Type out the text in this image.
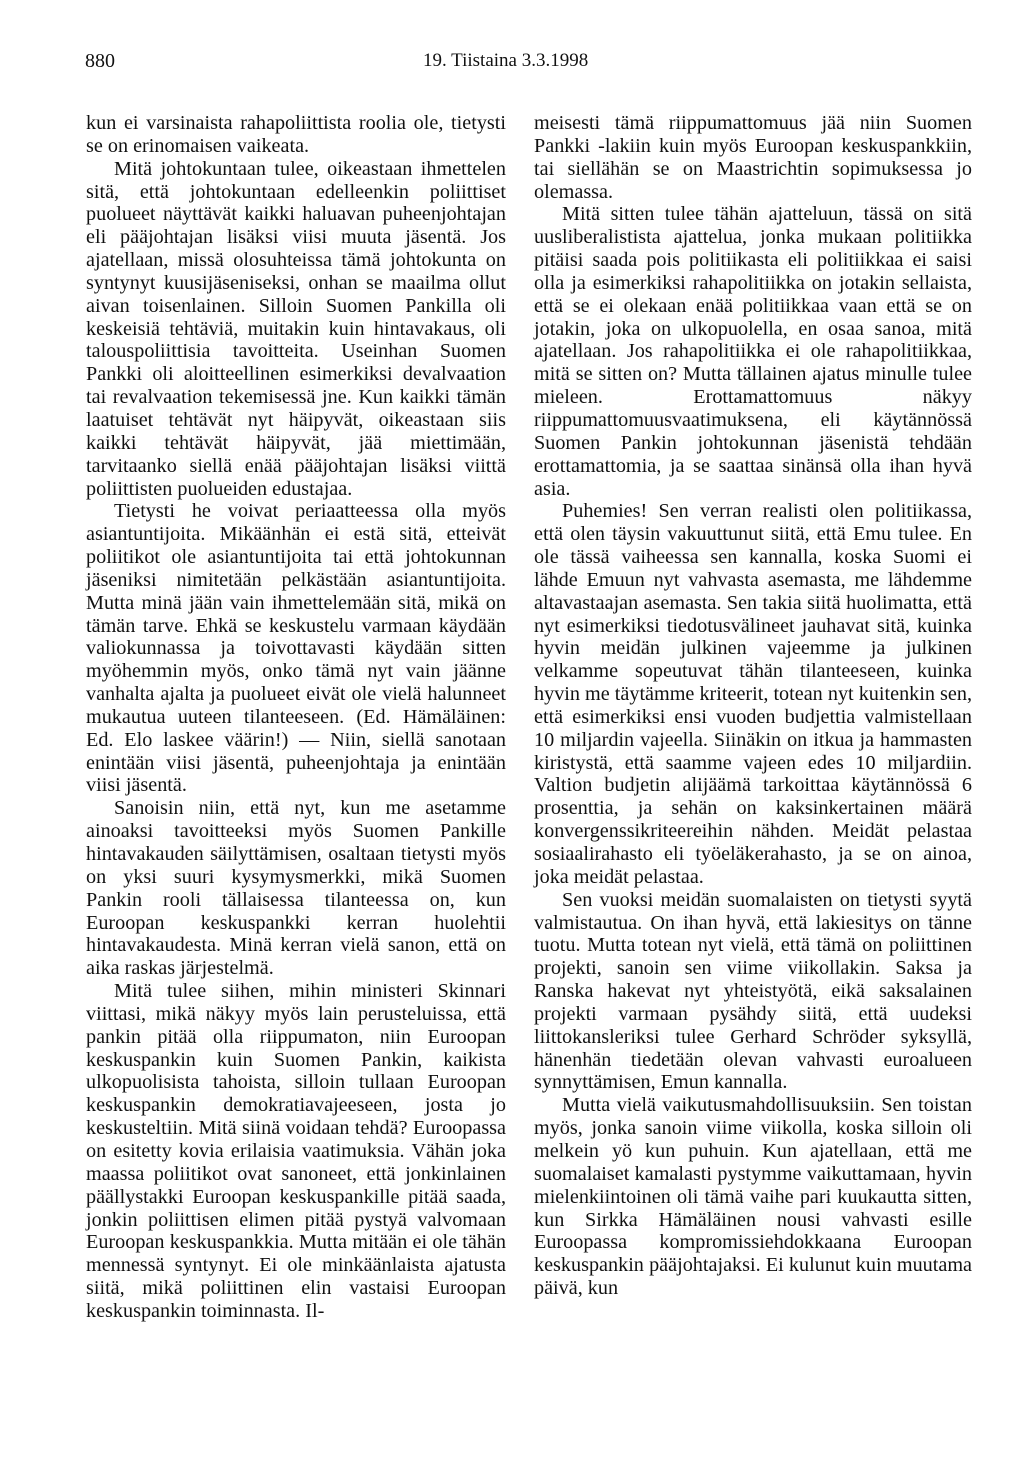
880	19. Tiistaina 3.3.1998

kun ei varsinaista rahapoliittista roolia ole, tietysti se on erinomaisen vaikeata.

Mitä johtokuntaan tulee, oikeastaan ihmettelen sitä, että johtokuntaan edelleenkin poliittiset puolueet näyttävät kaikki haluavan puheenjohtajan eli pääjohtajan lisäksi viisi muuta jäsentä. Jos ajatellaan, missä olosuhteissa tämä johtokunta on syntynyt kuusijäseniseksi, onhan se maailma ollut aivan toisenlainen. Silloin Suomen Pankilla oli keskeisiä tehtäviä, muitakin kuin hintavakaus, oli talouspoliittisia tavoitteita. Useinhan Suomen Pankki oli aloitteellinen esimerkiksi devalvaation tai revalvaation tekemisessä jne. Kun kaikki tämän laatuiset tehtävät nyt häipyvät, oikeastaan siis kaikki tehtävät häipyvät, jää miettimään, tarvitaanko siellä enää pääjohtajan lisäksi viittä poliittisten puolueiden edustajaa.

Tietysti he voivat periaatteessa olla myös asiantuntijoita. Mikäänhän ei estä sitä, etteivät poliitikot ole asiantuntijoita tai että johtokunnan jäseniksi nimitetään pelkästään asiantuntijoita. Mutta minä jään vain ihmettelemään sitä, mikä on tämän tarve. Ehkä se keskustelu varmaan käydään valiokunnassa ja toivottavasti käydään sitten myöhemmin myös, onko tämä nyt vain jäänne vanhalta ajalta ja puolueet eivät ole vielä halunneet mukautua uuteen tilanteeseen. (Ed. Hämäläinen: Ed. Elo laskee väärin!) — Niin, siellä sanotaan enintään viisi jäsentä, puheenjohtaja ja enintään viisi jäsentä.

Sanoisin niin, että nyt, kun me asetamme ainoaksi tavoitteeksi myös Suomen Pankille hintavakauden säilyttämisen, osaltaan tietysti myös on yksi suuri kysymysmerkki, mikä Suomen Pankin rooli tällaisessa tilanteessa on, kun Euroopan keskuspankki kerran huolehtii hintavakaudesta. Minä kerran vielä sanon, että on aika raskas järjestelmä.

Mitä tulee siihen, mihin ministeri Skinnari viittasi, mikä näkyy myös lain perusteluissa, että pankin pitää olla riippumaton, niin Euroopan keskuspankin kuin Suomen Pankin, kaikista ulkopuolisista tahoista, silloin tullaan Euroopan keskuspankin demokratiavajeeseen, josta jo keskusteltiin. Mitä siinä voidaan tehdä? Euroopassa on esitetty kovia erilaisia vaatimuksia. Vähän joka maassa poliitikot ovat sanoneet, että jonkinlainen päällystakki Euroopan keskuspankille pitää saada, jonkin poliittisen elimen pitää pystyä valvomaan Euroopan keskuspankkia. Mutta mitään ei ole tähän mennessä syntynyt. Ei ole minkäänlaista ajatusta siitä, mikä poliittinen elin vastaisi Euroopan keskuspankin toiminnasta. Il-

meisesti tämä riippumattomuus jää niin Suomen Pankki -lakiin kuin myös Euroopan keskuspankkiin, tai siellähän se on Maastrichtin sopimuksessa jo olemassa.

Mitä sitten tulee tähän ajatteluun, tässä on sitä uusliberalistista ajattelua, jonka mukaan politiikka pitäisi saada pois politiikasta eli politiikkaa ei saisi olla ja esimerkiksi rahapolitiikka on jotakin sellaista, että se ei olekaan enää politiikkaa vaan että se on jotakin, joka on ulkopuolella, en osaa sanoa, mitä ajatellaan. Jos rahapolitiikka ei ole rahapolitiikkaa, mitä se sitten on? Mutta tällainen ajatus minulle tulee mieleen. Erottamattomuus näkyy riippumattomuusvaatimuksena, eli käytännössä Suomen Pankin johtokunnan jäsenistä tehdään erottamattomia, ja se saattaa sinänsä olla ihan hyvä asia.

Puhemies! Sen verran realisti olen politiikassa, että olen täysin vakuuttunut siitä, että Emu tulee. En ole tässä vaiheessa sen kannalla, koska Suomi ei lähde Emuun nyt vahvasta asemasta, me lähdemme altavastaajan asemasta. Sen takia siitä huolimatta, että nyt esimerkiksi tiedotusvälineet jauhavat sitä, kuinka hyvin meidän julkinen vajeemme ja julkinen velkamme sopeutuvat tähän tilanteeseen, kuinka hyvin me täytämme kriteerit, totean nyt kuitenkin sen, että esimerkiksi ensi vuoden budjettia valmistellaan 10 miljardin vajeella. Siinäkin on itkua ja hammasten kiristystä, että saamme vajeen edes 10 miljardiin. Valtion budjetin alijäämä tarkoittaa käytännössä 6 prosenttia, ja sehän on kaksinkertainen määrä konvergenssikriteereihin nähden. Meidät pelastaa sosiaalirahasto eli työeläkerahasto, ja se on ainoa, joka meidät pelastaa.

Sen vuoksi meidän suomalaisten on tietysti syytä valmistautua. On ihan hyvä, että lakiesitys on tänne tuotu. Mutta totean nyt vielä, että tämä on poliittinen projekti, sanoin sen viime viikollakin. Saksa ja Ranska hakevat nyt yhteistyötä, eikä saksalainen projekti varmaan pysähdy siitä, että uudeksi liittokansleriksi tulee Gerhard Schröder syksyllä, hänenhän tiedetään olevan vahvasti euroalueen synnyttämisen, Emun kannalla.

Mutta vielä vaikutusmahdollisuuksiin. Sen toistan myös, jonka sanoin viime viikolla, koska silloin oli melkein yö kun puhuin. Kun ajatellaan, että me suomalaiset kamalasti pystymme vaikuttamaan, hyvin mielenkiintoinen oli tämä vaihe pari kuukautta sitten, kun Sirkka Hämäläinen nousi vahvasti esille Euroopassa kompromissiehdokkaana Euroopan keskuspankin pääjohtajaksi. Ei kulunut kuin muutama päivä, kun
